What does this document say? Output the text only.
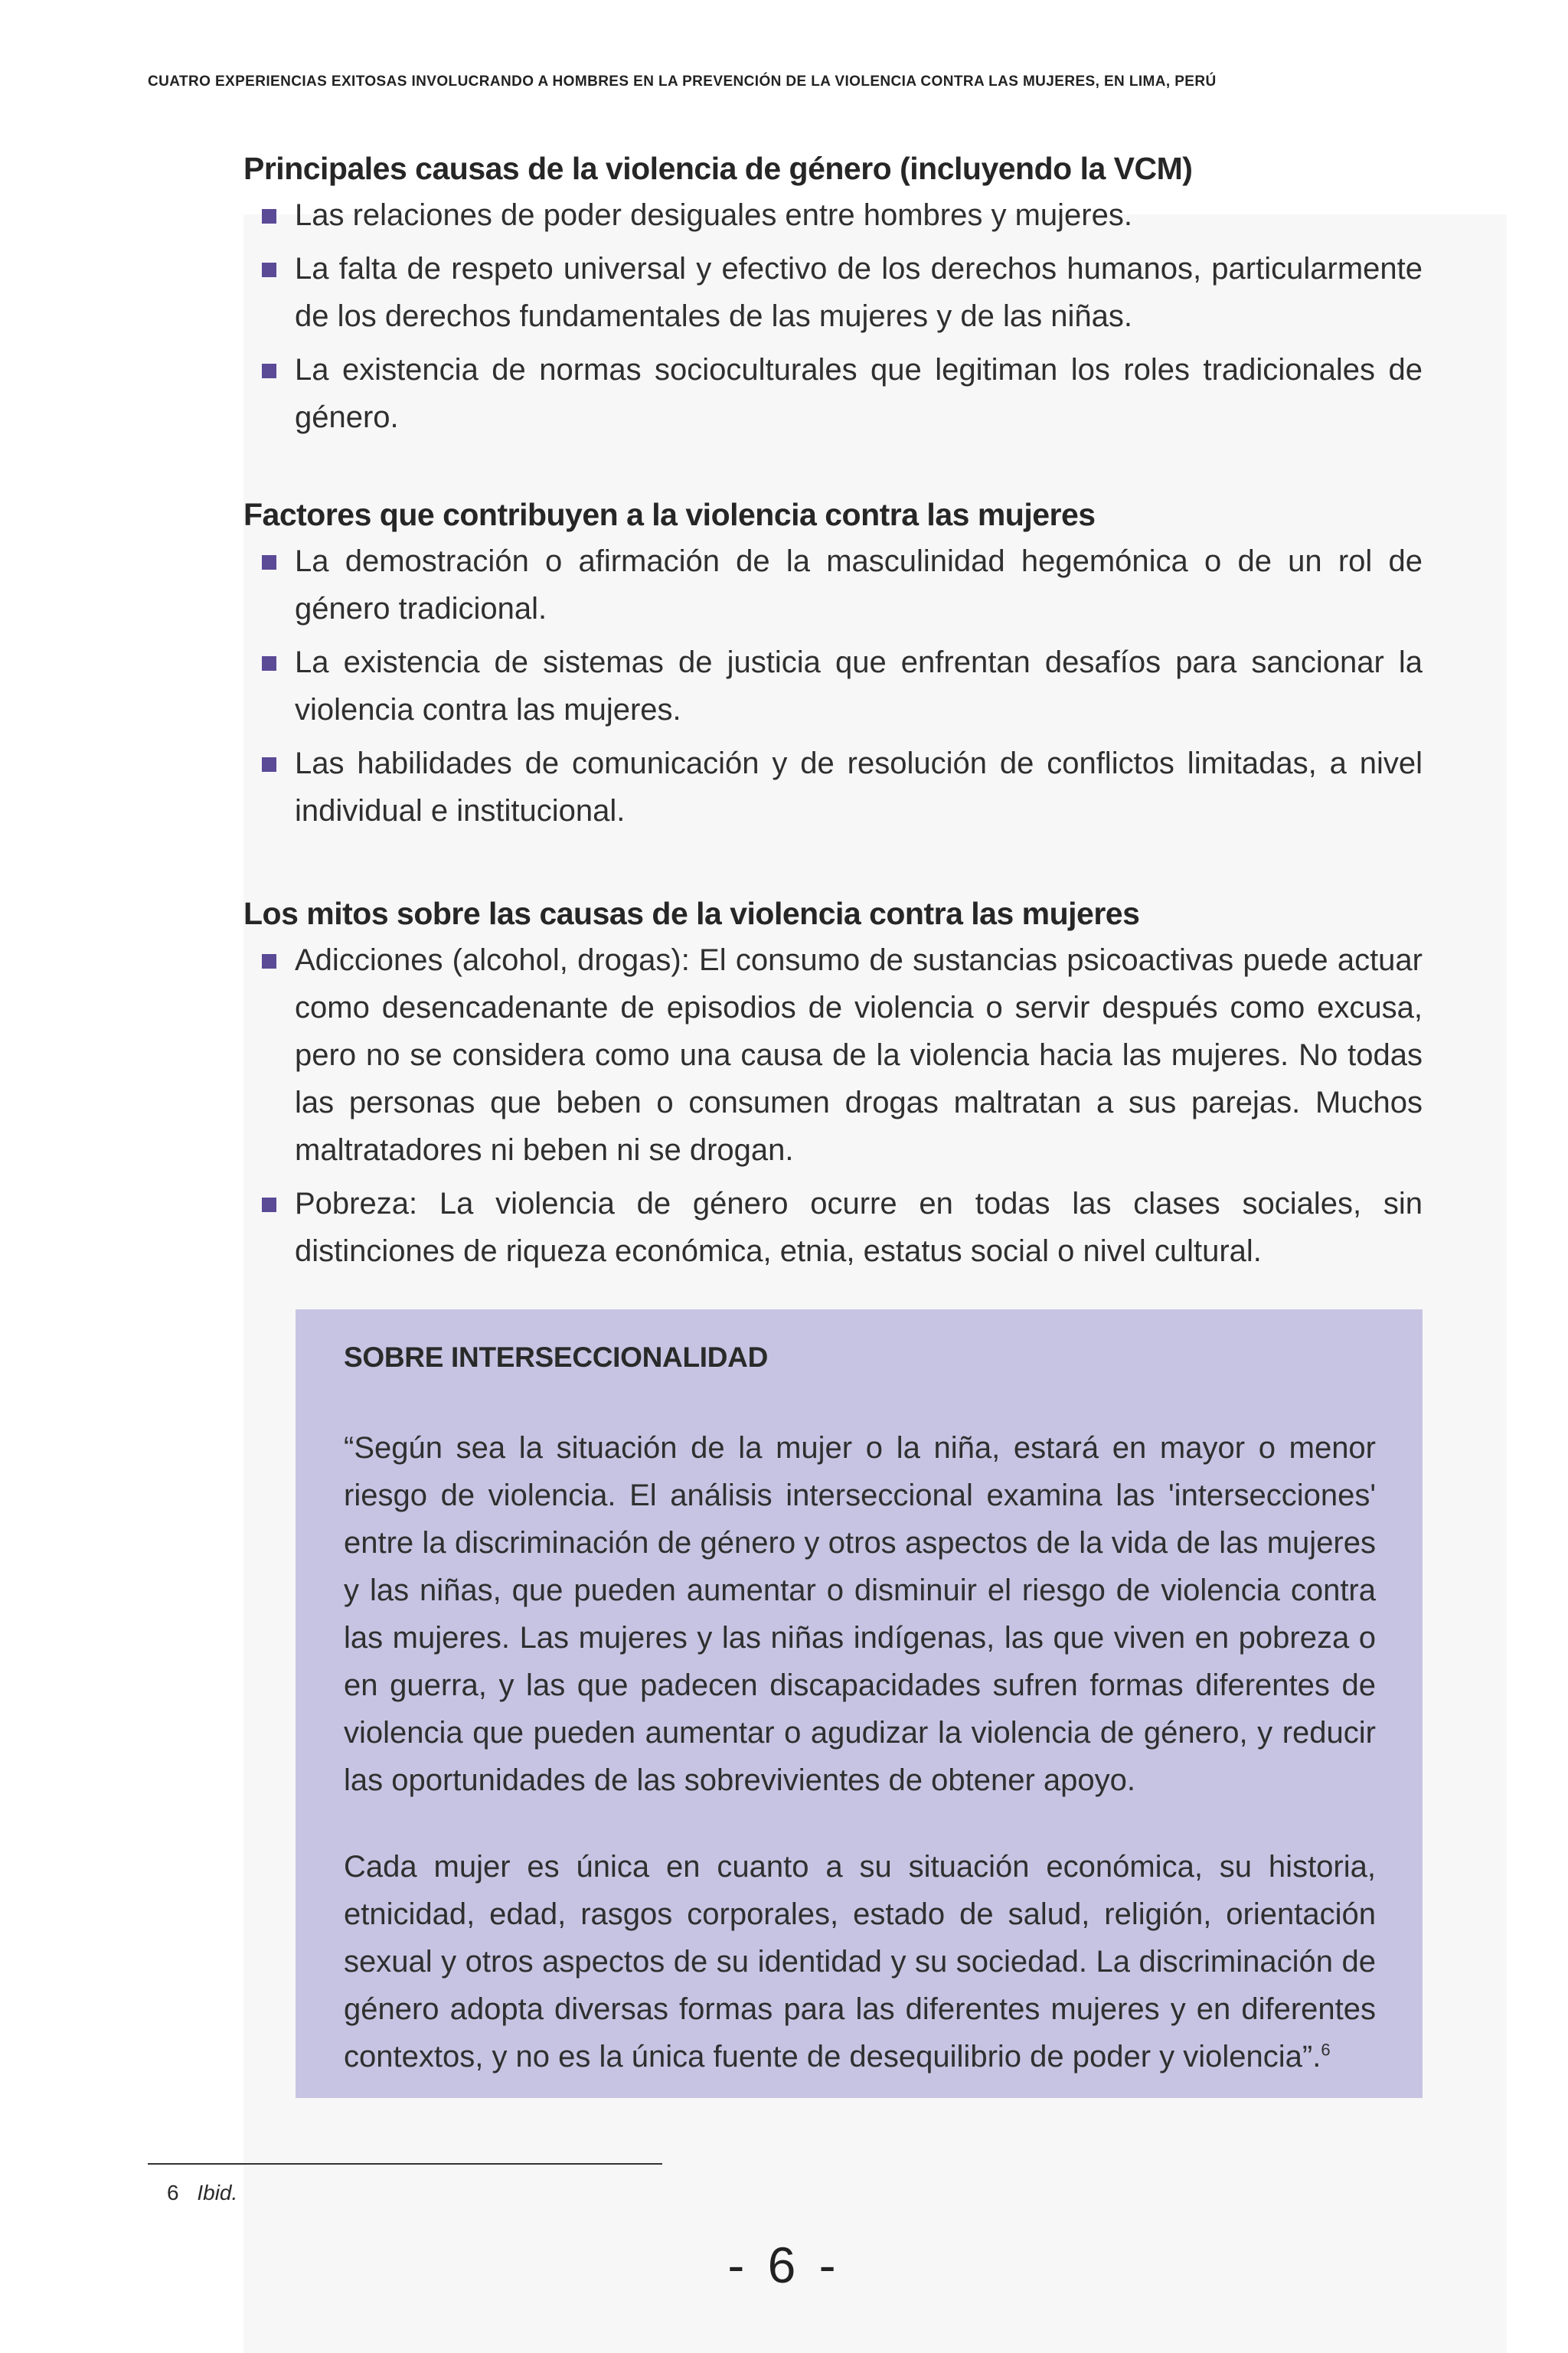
CUATRO EXPERIENCIAS EXITOSAS INVOLUCRANDO A HOMBRES EN LA PREVENCIÓN DE LA VIOLENCIA CONTRA LAS MUJERES, EN LIMA, PERÚ
Principales causas de la violencia de género (incluyendo la VCM)
Las relaciones de poder desiguales entre hombres y mujeres.
La falta de respeto universal y efectivo de los derechos humanos, particularmente de los derechos fundamentales de las mujeres y de las niñas.
La existencia de normas socioculturales que legitiman los roles tradicionales de género.
Factores que contribuyen a la violencia contra las mujeres
La demostración o afirmación de la masculinidad hegemónica o de un rol de género tradicional.
La existencia de sistemas de justicia que enfrentan desafíos para sancionar la violencia contra las mujeres.
Las habilidades de comunicación y de resolución de conflictos limitadas, a nivel individual e institucional.
Los mitos sobre las causas de la violencia contra las mujeres
Adicciones (alcohol, drogas): El consumo de sustancias psicoactivas puede actuar como desencadenante de episodios de violencia o servir después como excusa, pero no se considera como una causa de la violencia hacia las mujeres. No todas las personas que beben o consumen drogas maltratan a sus parejas. Muchos maltratadores ni beben ni se drogan.
Pobreza: La violencia de género ocurre en todas las clases sociales, sin distinciones de riqueza económica, etnia, estatus social o nivel cultural.
SOBRE INTERSECCIONALIDAD
“Según sea la situación de la mujer o la niña, estará en mayor o menor riesgo de violencia. El análisis interseccional examina las 'intersecciones' entre la discriminación de género y otros aspectos de la vida de las mujeres y las niñas, que pueden aumentar o disminuir el riesgo de violencia contra las mujeres. Las mujeres y las niñas indígenas, las que viven en pobreza o en guerra, y las que padecen discapacidades sufren formas diferentes de violencia que pueden aumentar o agudizar la violencia de género, y reducir las oportunidades de las sobrevivientes de obtener apoyo.
Cada mujer es única en cuanto a su situación económica, su historia, etnicidad, edad, rasgos corporales, estado de salud, religión, orientación sexual y otros aspectos de su identidad y su sociedad. La discriminación de género adopta diversas formas para las diferentes mujeres y en diferentes contextos, y no es la única fuente de desequilibrio de poder y violencia”.$^6$
6 Ibid.
- 6 -
